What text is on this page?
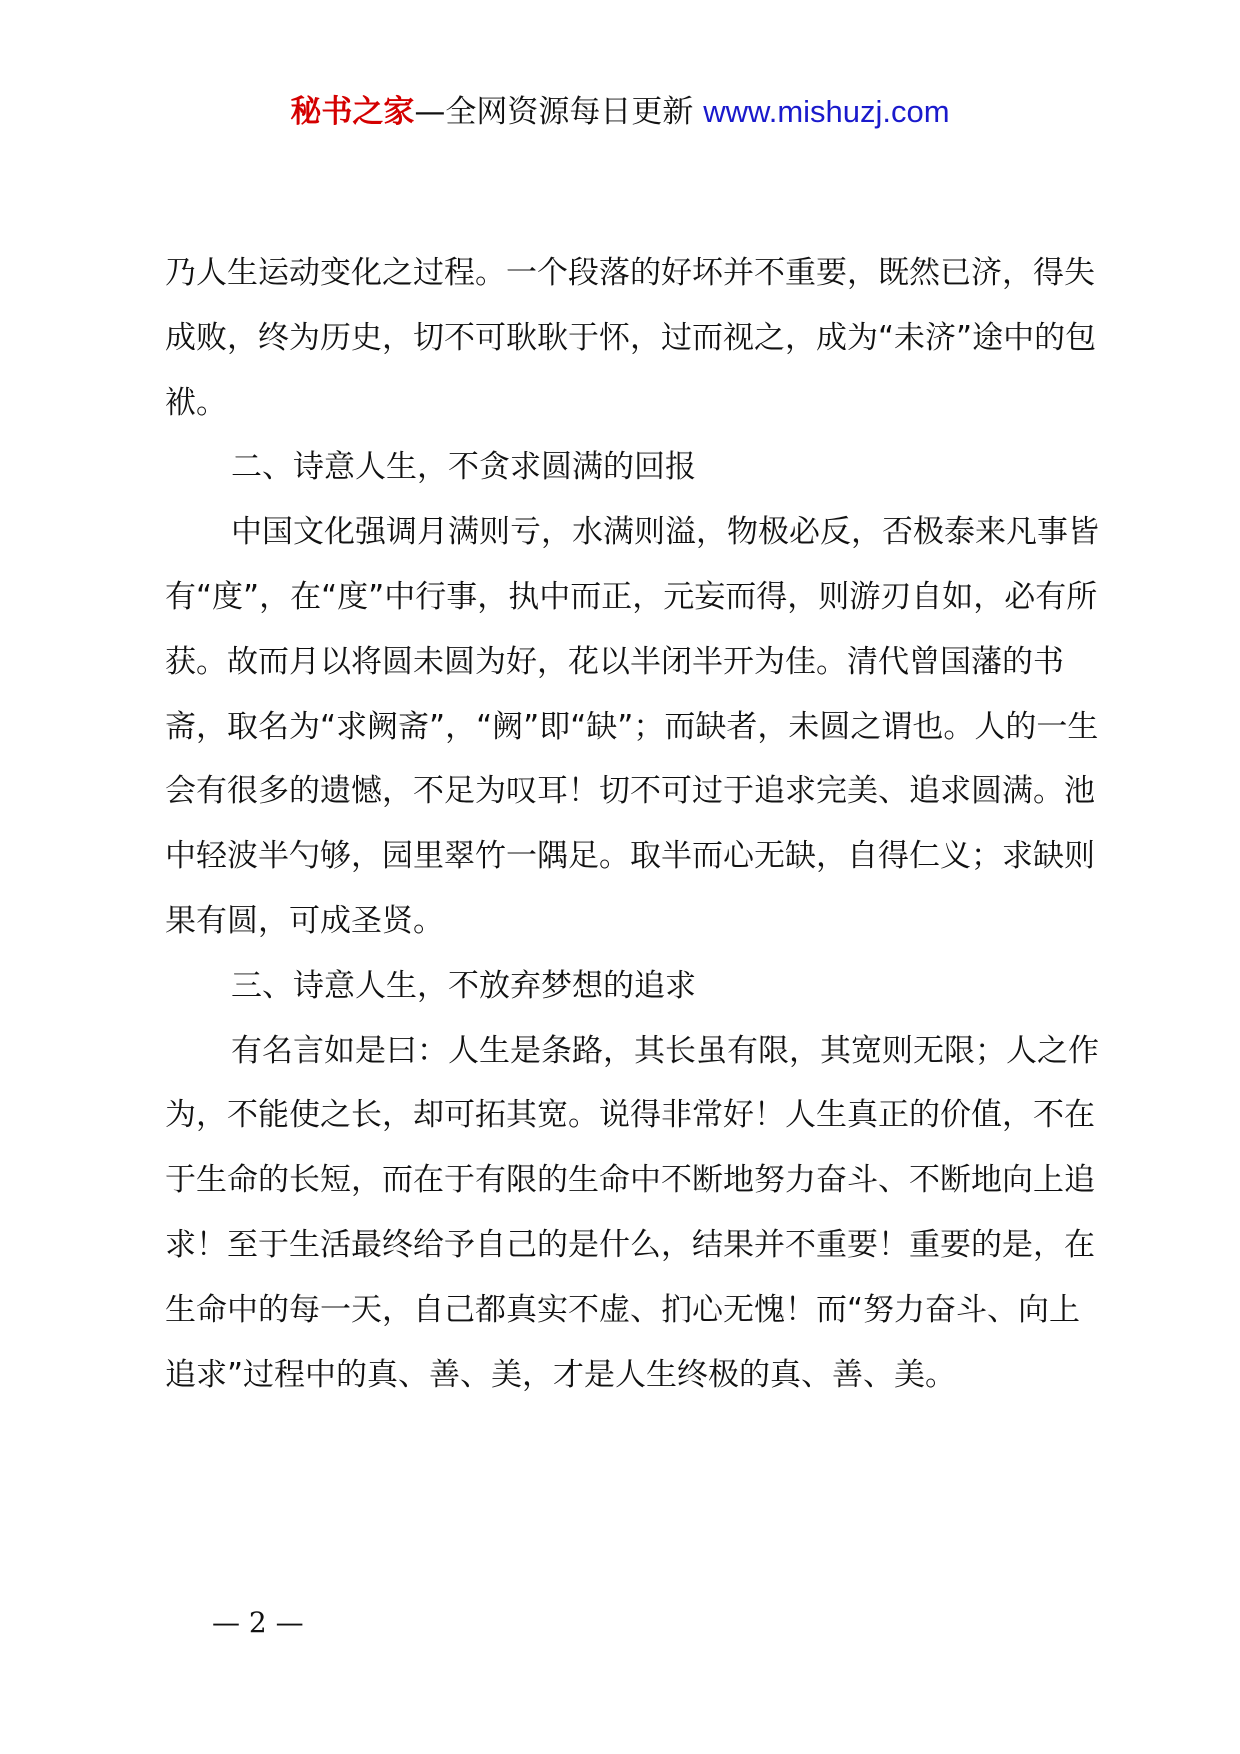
秘书之家—全网资源每日更新 www.mishuzj.com

乃人生运动变化之过程。一个段落的好坏并不重要，既然已济，得失成败，终为历史，切不可耿耿于怀，过而视之，成为“未济”途中的包袱。

二、诗意人生，不贪求圆满的回报

中国文化强调月满则亏，水满则溢，物极必反，否极泰来凡事皆有“度”，在“度”中行事，执中而正，元妄而得，则游刃自如，必有所获。故而月以将圆未圆为好，花以半闭半开为佳。清代曾国藩的书斋，取名为“求阙斋”，“阙”即“缺”；而缺者，未圆之谓也。人的一生会有很多的遗憾，不足为叹耳！切不可过于追求完美、追求圆满。池中轻波半勺够，园里翠竹一隅足。取半而心无缺，自得仁义；求缺则果有圆，可成圣贤。

三、诗意人生，不放弃梦想的追求

有名言如是曰：人生是条路，其长虽有限，其宽则无限；人之作为，不能使之长，却可拓其宽。说得非常好！人生真正的价值，不在于生命的长短，而在于有限的生命中不断地努力奋斗、不断地向上追求！至于生活最终给予自己的是什么，结果并不重要！重要的是，在生命中的每一天，自己都真实不虚、扪心无愧！而“努力奋斗、向上追求”过程中的真、善、美，才是人生终极的真、善、美。

— 2 —
